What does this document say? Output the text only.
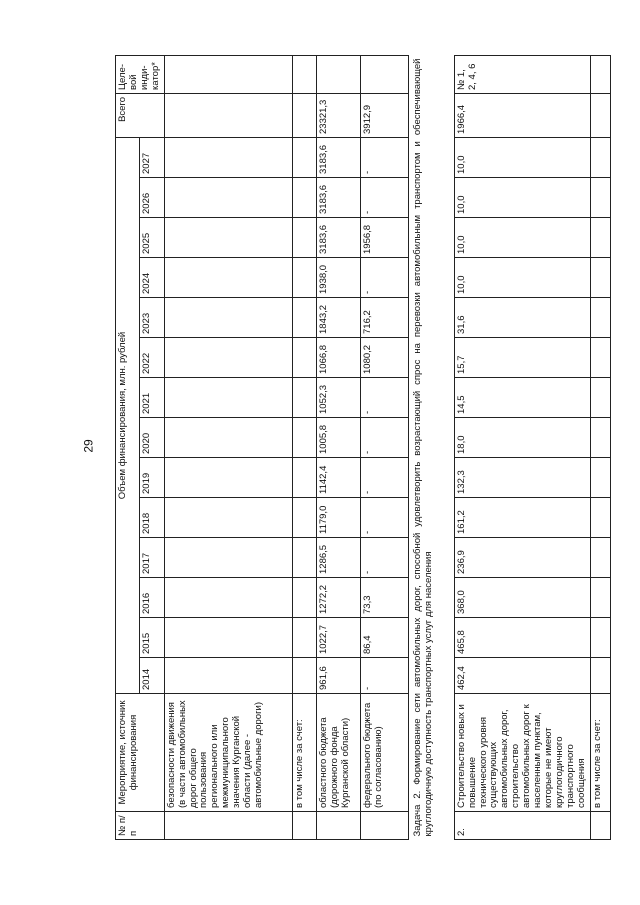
29
№ п/п	Мероприятие, источник финансирования	Объем финансирования, млн. рублей														Всего	Целе-вой инди-катор*
		2014	2015	2016	2017	2018	2019	2020	2021	2022	2023	2024	2025	2026	2027		
	безопасности движения (в части автомобильных дорог общего пользования регионального или межмуниципального значения Курганской области (далее - автомобильные дороги)																
	в том числе за счет:																
	областного бюджета (дорожного фонда Курганской области)	961,6	1022,7	1272,2	1286,5	1179,0	1142,4	1005,8	1052,3	1066,8	1843,2	1938,0	3183,6	3183,6	3183,6	23321,3	
	федерального бюджета (по согласованию)	-	86,4	73,3	-	-	-	-	-	1080,2	716,2	-	1956,8	-	-	3912,9	
Задача 2. Формирование сети автомобильных дорог, способной удовлетворить возрастающий спрос на перевозки автомобильным транспортом и обеспечивающей круглогодичную доступность транспортных услуг для населения																	
2.	Строительство новых и повышение технического уровня существующих автомобильных дорог, строительство автомобильных дорог к населенным пунктам, которые не имеют круглогодичного транспортного сообщения	462,4	465,8	368,0	236,9	161,2	132,3	18,0	14,5	15,7	31,6	10,0	10,0	10,0	10,0	1966,4	№ 1, 2, 4, 6
	в том числе за счет:																
